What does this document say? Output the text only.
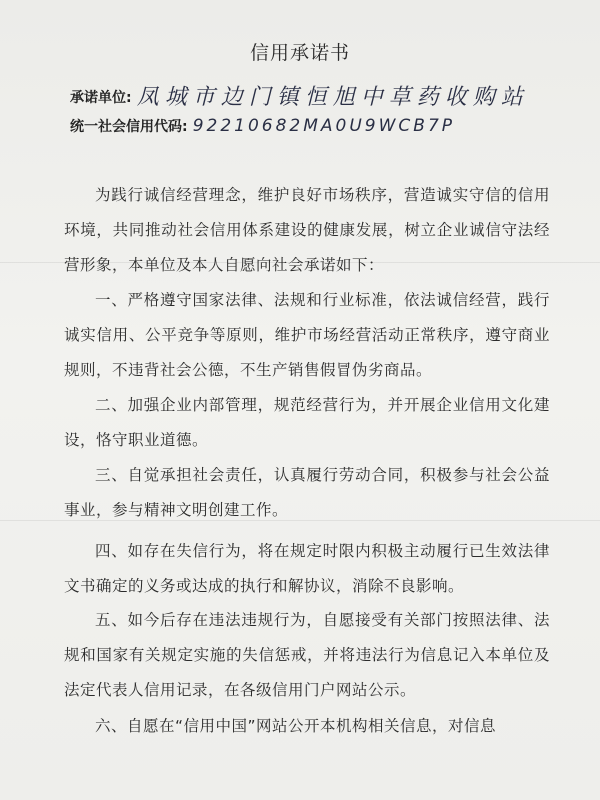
信用承诺书
承诺单位: 凤城市边门镇恒旭中草药收购站
统一社会信用代码: 92210682MA0U9WCB7P

为践行诚信经营理念，维护良好市场秩序，营造诚实守信的信用环境，共同推动社会信用体系建设的健康发展，树立企业诚信守法经营形象，本单位及本人自愿向社会承诺如下：

一、严格遵守国家法律、法规和行业标准，依法诚信经营，践行诚实信用、公平竞争等原则，维护市场经营活动正常秩序，遵守商业规则，不违背社会公德，不生产销售假冒伪劣商品。

二、加强企业内部管理，规范经营行为，并开展企业信用文化建设，恪守职业道德。

三、自觉承担社会责任，认真履行劳动合同，积极参与社会公益事业，参与精神文明创建工作。

四、如存在失信行为，将在规定时限内积极主动履行已生效法律文书确定的义务或达成的执行和解协议，消除不良影响。

五、如今后存在违法违规行为，自愿接受有关部门按照法律、法规和国家有关规定实施的失信惩戒，并将违法行为信息记入本单位及法定代表人信用记录，在各级信用门户网站公示。

六、自愿在“信用中国”网站公开本机构相关信息，对信息
